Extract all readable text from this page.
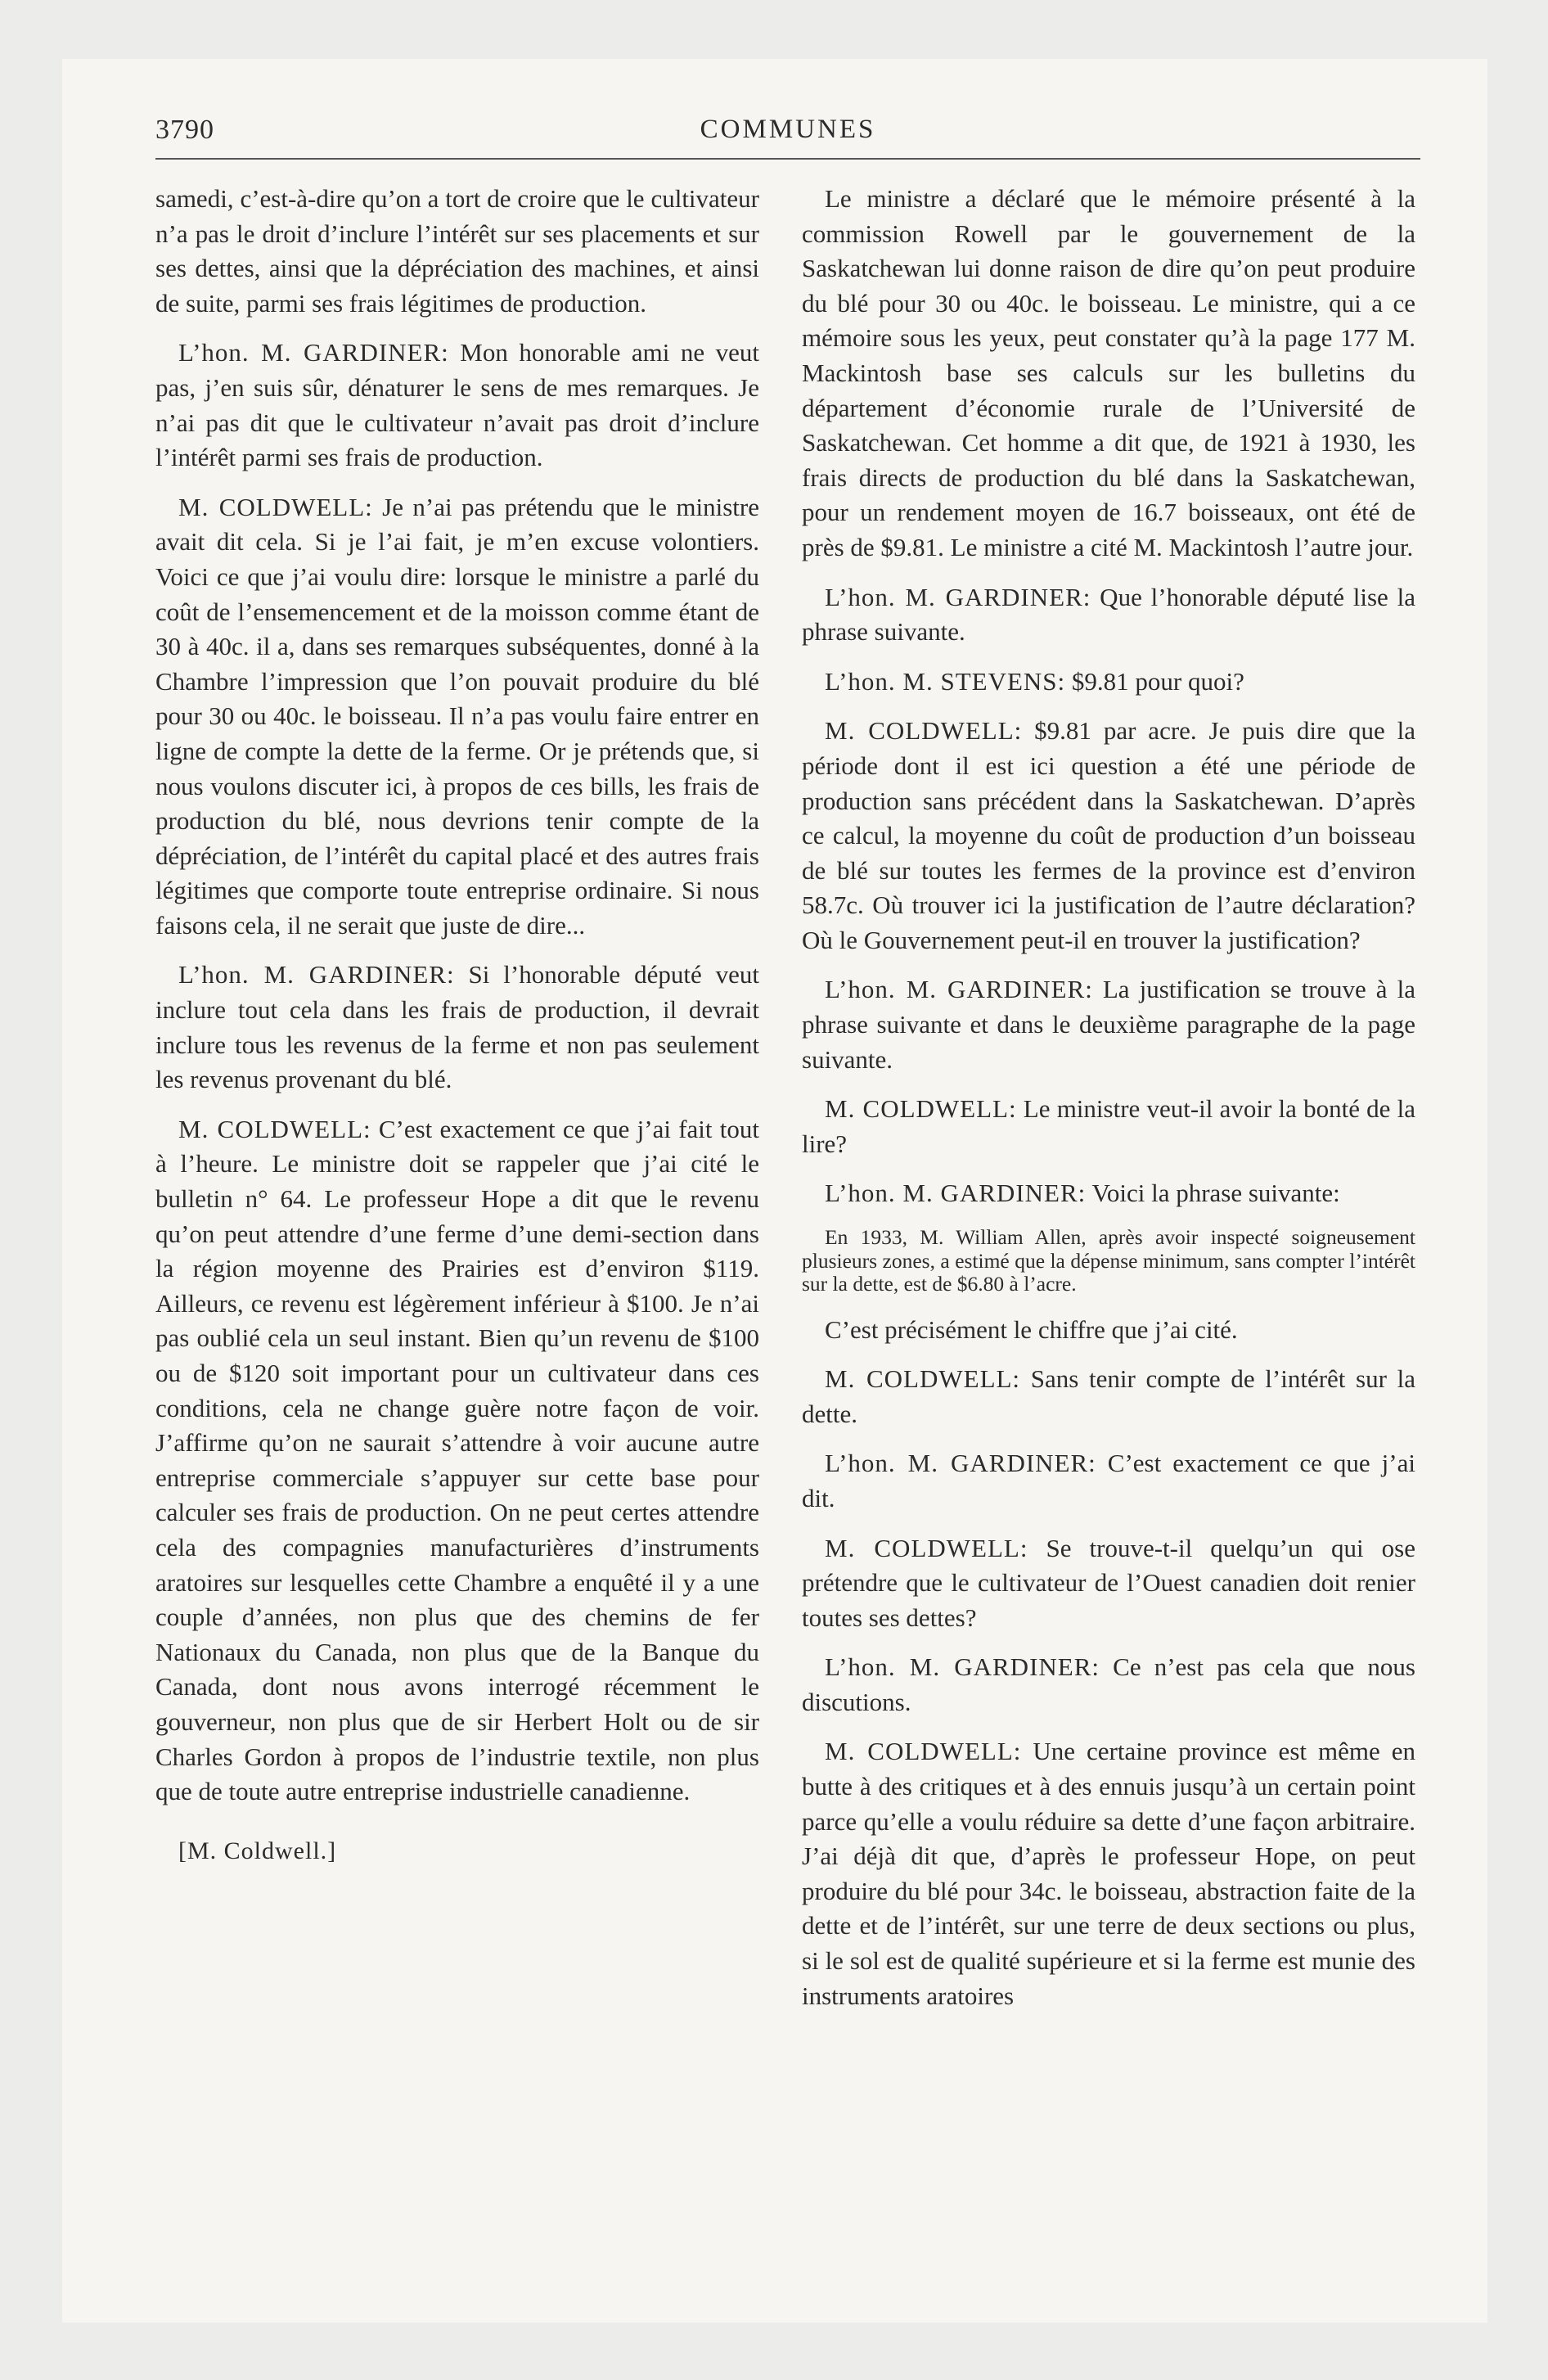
3790	COMMUNES

samedi, c’est-à-dire qu’on a tort de croire que le cultivateur n’a pas le droit d’inclure l’intérêt sur ses placements et sur ses dettes, ainsi que la dépréciation des machines, et ainsi de suite, parmi ses frais légitimes de production.

L’hon. M. GARDINER: Mon honorable ami ne veut pas, j’en suis sûr, dénaturer le sens de mes remarques. Je n’ai pas dit que le cultivateur n’avait pas droit d’inclure l’intérêt parmi ses frais de production.

M. COLDWELL: Je n’ai pas prétendu que le ministre avait dit cela. Si je l’ai fait, je m’en excuse volontiers. Voici ce que j’ai voulu dire: lorsque le ministre a parlé du coût de l’ensemencement et de la moisson comme étant de 30 à 40c. il a, dans ses remarques subséquentes, donné à la Chambre l’impression que l’on pouvait produire du blé pour 30 ou 40c. le boisseau. Il n’a pas voulu faire entrer en ligne de compte la dette de la ferme. Or je prétends que, si nous voulons discuter ici, à propos de ces bills, les frais de production du blé, nous devrions tenir compte de la dépréciation, de l’intérêt du capital placé et des autres frais légitimes que comporte toute entreprise ordinaire. Si nous faisons cela, il ne serait que juste de dire...

L’hon. M. GARDINER: Si l’honorable député veut inclure tout cela dans les frais de production, il devrait inclure tous les revenus de la ferme et non pas seulement les revenus provenant du blé.

M. COLDWELL: C’est exactement ce que j’ai fait tout à l’heure. Le ministre doit se rappeler que j’ai cité le bulletin n° 64. Le professeur Hope a dit que le revenu qu’on peut attendre d’une ferme d’une demi-section dans la région moyenne des Prairies est d’environ $119. Ailleurs, ce revenu est légèrement inférieur à $100. Je n’ai pas oublié cela un seul instant. Bien qu’un revenu de $100 ou de $120 soit important pour un cultivateur dans ces conditions, cela ne change guère notre façon de voir. J’affirme qu’on ne saurait s’attendre à voir aucune autre entreprise commerciale s’appuyer sur cette base pour calculer ses frais de production. On ne peut certes attendre cela des compagnies manufacturières d’instruments aratoires sur lesquelles cette Chambre a enquêté il y a une couple d’années, non plus que des chemins de fer Nationaux du Canada, non plus que de la Banque du Canada, dont nous avons interrogé récemment le gouverneur, non plus que de sir Herbert Holt ou de sir Charles Gordon à propos de l’industrie textile, non plus que de toute autre entreprise industrielle canadienne.

[M. Coldwell.]

Le ministre a déclaré que le mémoire présenté à la commission Rowell par le gouvernement de la Saskatchewan lui donne raison de dire qu’on peut produire du blé pour 30 ou 40c. le boisseau. Le ministre, qui a ce mémoire sous les yeux, peut constater qu’à la page 177 M. Mackintosh base ses calculs sur les bulletins du département d’économie rurale de l’Université de Saskatchewan. Cet homme a dit que, de 1921 à 1930, les frais directs de production du blé dans la Saskatchewan, pour un rendement moyen de 16.7 boisseaux, ont été de près de $9.81. Le ministre a cité M. Mackintosh l’autre jour.

L’hon. M. GARDINER: Que l’honorable député lise la phrase suivante.

L’hon. M. STEVENS: $9.81 pour quoi?

M. COLDWELL: $9.81 par acre. Je puis dire que la période dont il est ici question a été une période de production sans précédent dans la Saskatchewan. D’après ce calcul, la moyenne du coût de production d’un boisseau de blé sur toutes les fermes de la province est d’environ 58.7c. Où trouver ici la justification de l’autre déclaration? Où le Gouvernement peut-il en trouver la justification?

L’hon. M. GARDINER: La justification se trouve à la phrase suivante et dans le deuxième paragraphe de la page suivante.

M. COLDWELL: Le ministre veut-il avoir la bonté de la lire?

L’hon. M. GARDINER: Voici la phrase suivante:

En 1933, M. William Allen, après avoir inspecté soigneusement plusieurs zones, a estimé que la dépense minimum, sans compter l’intérêt sur la dette, est de $6.80 à l’acre.

C’est précisément le chiffre que j’ai cité.

M. COLDWELL: Sans tenir compte de l’intérêt sur la dette.

L’hon. M. GARDINER: C’est exactement ce que j’ai dit.

M. COLDWELL: Se trouve-t-il quelqu’un qui ose prétendre que le cultivateur de l’Ouest canadien doit renier toutes ses dettes?

L’hon. M. GARDINER: Ce n’est pas cela que nous discutions.

M. COLDWELL: Une certaine province est même en butte à des critiques et à des ennuis jusqu’à un certain point parce qu’elle a voulu réduire sa dette d’une façon arbitraire. J’ai déjà dit que, d’après le professeur Hope, on peut produire du blé pour 34c. le boisseau, abstraction faite de la dette et de l’intérêt, sur une terre de deux sections ou plus, si le sol est de qualité supérieure et si la ferme est munie des instruments aratoires
